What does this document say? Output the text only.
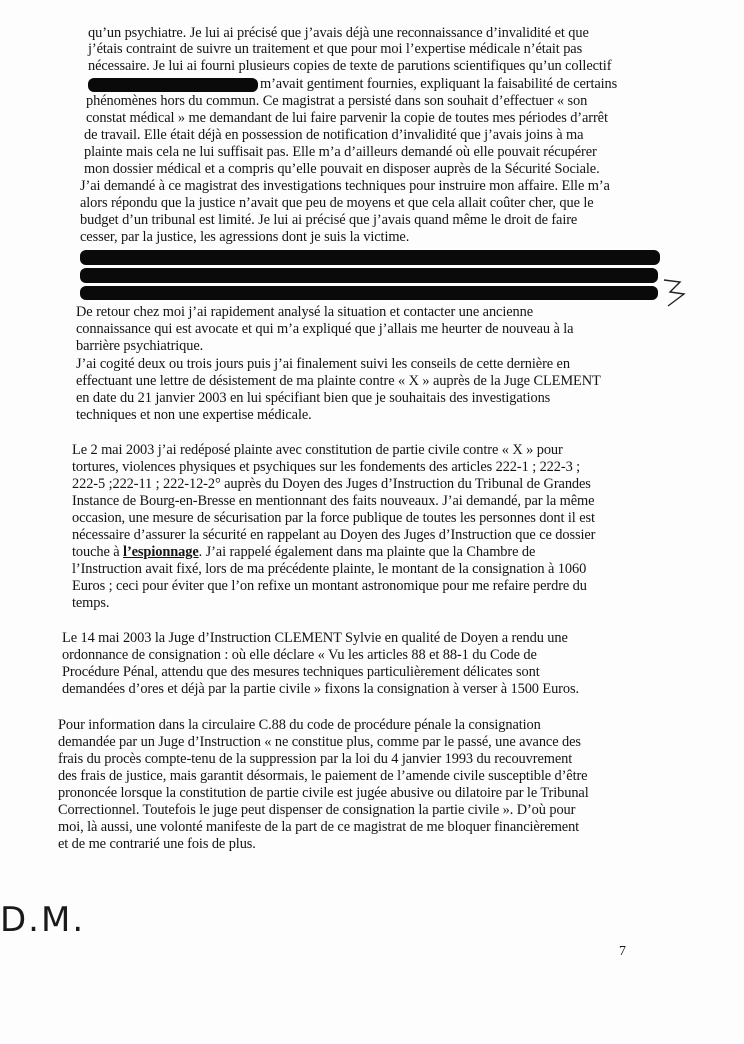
qu’un psychiatre. Je lui ai précisé que j’avais déjà une reconnaissance d’invalidité et que
j’étais contraint de suivre un traitement et que pour moi l’expertise médicale n’était pas
nécessaire. Je lui ai fourni plusieurs copies de texte de parutions scientifiques qu’un collectif
m’avait gentiment fournies, expliquant la faisabilité de certains
phénomènes hors du commun. Ce magistrat a persisté dans son souhait d’effectuer « son
constat médical » me demandant de lui faire parvenir la copie de toutes mes périodes d’arrêt
de travail. Elle était déjà en possession de notification d’invalidité que j’avais joins à ma
plainte mais cela ne lui suffisait pas. Elle m’a d’ailleurs demandé où elle pouvait récupérer
mon dossier médical et a compris qu’elle pouvait en disposer auprès de la Sécurité Sociale.
J’ai demandé à ce magistrat des investigations techniques pour instruire mon affaire. Elle m’a
alors répondu que la justice n’avait que peu de moyens et que cela allait coûter cher, que le
budget d’un tribunal est limité. Je lui ai précisé que j’avais quand même le droit de faire
cesser, par la justice, les agressions dont je suis la victime.
De retour chez moi j’ai rapidement analysé la situation et contacter une ancienne
connaissance qui est avocate et qui m’a expliqué que j’allais me heurter de nouveau à la
barrière psychiatrique.
J’ai cogité deux ou trois jours puis j’ai finalement suivi les conseils de cette dernière en
effectuant une lettre de désistement de ma plainte contre « X » auprès de la Juge CLEMENT
en date du 21 janvier 2003 en lui spécifiant bien que je souhaitais des investigations
techniques et non une expertise médicale.
Le 2 mai 2003 j’ai redéposé plainte avec constitution de partie civile contre « X » pour
tortures, violences physiques et psychiques sur les fondements des articles 222-1 ; 222-3 ;
222-5 ;222-11 ; 222-12-2° auprès du Doyen des Juges d’Instruction du Tribunal de Grandes
Instance de Bourg-en-Bresse en mentionnant des faits nouveaux. J’ai demandé, par la même
occasion, une mesure de sécurisation par la force publique de toutes les personnes dont il est
nécessaire d’assurer la sécurité en rappelant au Doyen des Juges d’Instruction que ce dossier
touche à l’espionnage. J’ai rappelé également dans ma plainte que la Chambre de
l’Instruction avait fixé, lors de ma précédente plainte, le montant de la consignation à 1060
Euros ; ceci pour éviter que l’on refixe un montant astronomique pour me refaire perdre du
temps.
Le 14 mai 2003 la Juge d’Instruction CLEMENT Sylvie en qualité de Doyen a rendu une
ordonnance de consignation : où elle déclare « Vu les articles 88 et 88-1 du Code de
Procédure Pénal, attendu que des mesures techniques particulièrement délicates sont
demandées d’ores et déjà par la partie civile » fixons la consignation à verser à 1500 Euros.
Pour information dans la circulaire C.88 du code de procédure pénale la consignation
demandée par un Juge d’Instruction « ne constitue plus, comme par le passé, une avance des
frais du procès compte-tenu de la suppression par la loi du 4 janvier 1993 du recouvrement
des frais de justice, mais garantit désormais, le paiement de l’amende civile susceptible d’être
prononcée lorsque la constitution de partie civile est jugée abusive ou dilatoire par le Tribunal
Correctionnel. Toutefois le juge peut dispenser de consignation la partie civile ». D’où pour
moi, là aussi, une volonté manifeste de la part de ce magistrat de me bloquer financièrement
et de me contrarié une fois de plus.
D.M.
7
